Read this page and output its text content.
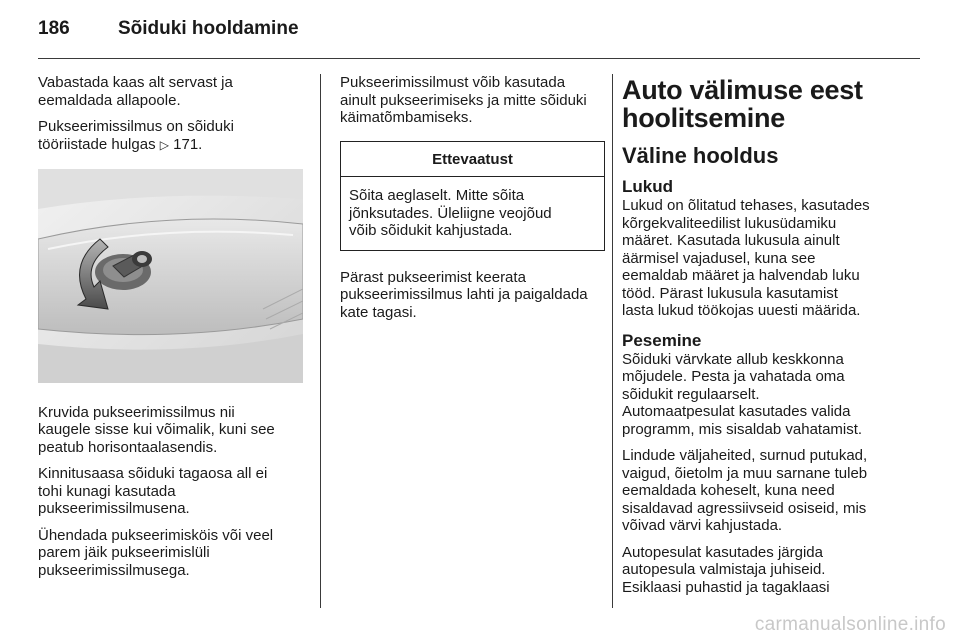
186	Sõiduki hooldamine

Vabastada kaas alt servast ja
eemaldada allapoole.

Pukseerimissilmus on sõiduki
tööriistade hulgas ▷ 171.

Kruvida pukseerimissilmus nii
kaugele sisse kui võimalik, kuni see
peatub horisontaalasendis.

Kinnitusaasa sõiduki tagaosa all ei
tohi kunagi kasutada
pukseerimissilmusena.

Ühendada pukseerimisköis või veel
parem jäik pukseerimislüli
pukseerimissilmusega.

Pukseerimissilmust võib kasutada
ainult pukseerimiseks ja mitte sõiduki
käimatõmbamiseks.

Ettevaatust
Sõita aeglaselt. Mitte sõita
jõnksutades. Üleliigne veojõud
võib sõidukit kahjustada.

Pärast pukseerimist keerata
pukseerimissilmus lahti ja paigaldada
kate tagasi.

Auto välimuse eest
hoolitsemine
Väline hooldus
Lukud

Lukud on õlitatud tehases, kasutades
kõrgekvaliteedilist lukusüdamiku
määret. Kasutada lukusula ainult
äärmisel vajadusel, kuna see
eemaldab määret ja halvendab luku
tööd. Pärast lukusula kasutamist
lasta lukud töökojas uuesti määrida.

Pesemine

Sõiduki värvkate allub keskkonna
mõjudele. Pesta ja vahatada oma
sõidukit regulaarselt.
Automaatpesulat kasutades valida
programm, mis sisaldab vahatamist.

Lindude väljaheited, surnud putukad,
vaigud, õietolm ja muu sarnane tuleb
eemaldada koheselt, kuna need
sisaldavad agressiivseid osiseid, mis
võivad värvi kahjustada.

Autopesulat kasutades järgida
autopesula valmistaja juhiseid.
Esiklaasi puhastid ja tagaklaasi

carmanualsonline.info
